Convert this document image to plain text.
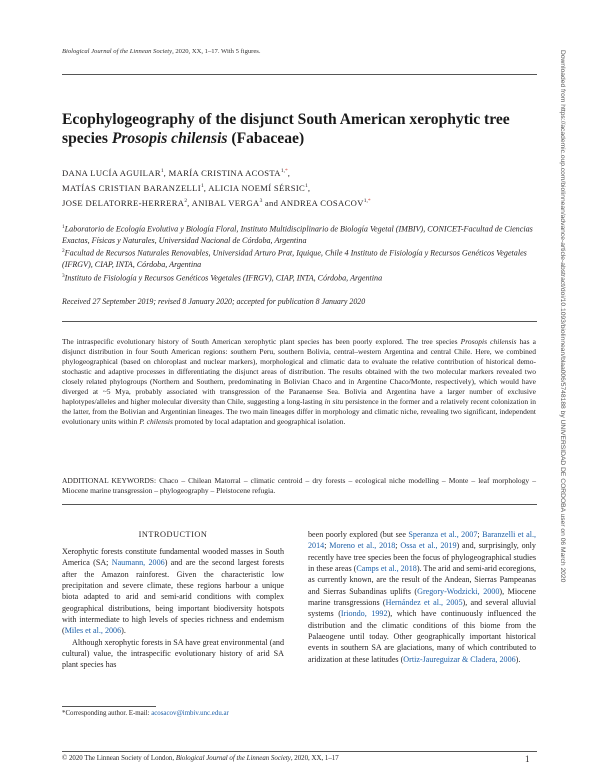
Biological Journal of the Linnean Society, 2020, XX, 1–17. With 5 figures.	Downloaded from https://academic.oup.com/biolinnean/advance-article-abstract/doi/10.1093/biolinnean/blaa006/5748188 by UNIVERSIDAD DE CORDOBA user on 06 March 2020
Ecophylogeography of the disjunct South American xerophytic tree species Prosopis chilensis (Fabaceae)
DANA LUCÍA AGUILAR$^1$, MARÍA CRISTINA $ACOSTA^{1,*}$,
MATÍAS CRISTIAN BARANZELLI$^1$, ALICIA NOEMÍ SÉRSIC$^1$,
JOSE DELATORRE-HERRERA$^2$, ANIBAL VERGA$^3$ and ANDREA $COSACOV^{1,*}$

$^1$Laboratorio de Ecología Evolutiva y Biología Floral, Instituto Multidisciplinario de Biología Vegetal (IMBIV), CONICET-Facultad de Ciencias Exactas, Físicas y Naturales, Universidad Nacional de Córdoba, Argentina

$^2$Facultad de Recursos Naturales Renovables, Universidad Arturo Prat, Iquique, Chile 4 Instituto de Fisiología y Recursos Genéticos Vegetales (IFRGV), CIAP, INTA, Córdoba, Argentina

$^3$Instituto de Fisiología y Recursos Genéticos Vegetales (IFRGV), CIAP, INTA, Córdoba, Argentina

Received 27 September 2019; revised 8 January 2020; accepted for publication 8 January 2020

The intraspecific evolutionary history of South American xerophytic plant species has been poorly explored. The tree species Prosopis chilensis has a disjunct distribution in four South American regions: southern Peru, southern Bolivia, central–western Argentina and central Chile. Here, we combined phylogeographical (based on chloroplast and nuclear markers), morphological and climatic data to evaluate the relative contribution of historical demo-stochastic and adaptive processes in differentiating the disjunct areas of distribution. The results obtained with the two molecular markers revealed two closely related phylogroups (Northern and Southern, predominating in Bolivian Chaco and in Argentine Chaco/Monte, respectively), which would have diverged at ~5 Mya, probably associated with transgression of the Paranaense Sea. Bolivia and Argentina have a larger number of exclusive haplotypes/alleles and higher molecular diversity than Chile, suggesting a long-lasting in situ persistence in the former and a relatively recent colonization in the latter, from the Bolivian and Argentinian lineages. The two main lineages differ in morphology and climatic niche, revealing two significant, independent evolutionary units within P. chilensis promoted by local adaptation and geographical isolation.

ADDITIONAL KEYWORDS: Chaco – Chilean Matorral – climatic centroid – dry forests – ecological niche modelling – Monte – leaf morphology – Miocene marine transgression – phylogeography – Pleistocene refugia.

INTRODUCTION

Xerophytic forests constitute fundamental wooded masses in South America (SA; Naumann, 2006) and are the second largest forests after the Amazon rainforest. Given the characteristic low precipitation and severe climate, these regions harbour a unique biota adapted to arid and semi-arid conditions with complex geographical distributions, being important biodiversity hotspots with intermediate to high levels of species richness and endemism (Miles et al., 2006).

Although xerophytic forests in SA have great environmental (and cultural) value, the intraspecific evolutionary history of arid SA plant species has

been poorly explored (but see Speranza et al., 2007; Baranzelli et al., 2014; Moreno et al., 2018; Ossa et al., 2019) and, surprisingly, only recently have tree species been the focus of phylogeographical studies in these areas (Camps et al., 2018). The arid and semi-arid ecoregions, as currently known, are the result of the Andean, Sierras Pampeanas and Sierras Subandinas uplifts (Gregory-Wodzicki, 2000), Miocene marine transgressions (Hernández et al., 2005), and several alluvial systems (Iriondo, 1992), which have continuously influenced the distribution and the climatic conditions of this biome from the Palaeogene until today. Other geographically important historical events in southern SA are glaciations, many of which contributed to aridization at these latitudes (Ortiz-Jaureguizar & Cladera, 2006).
*Corresponding author. E-mail: acosacov@imbiv.unc.edu.ar
© 2020 The Linnean Society of London, Biological Journal of the Linnean Society, 2020, XX, 1–17	1
